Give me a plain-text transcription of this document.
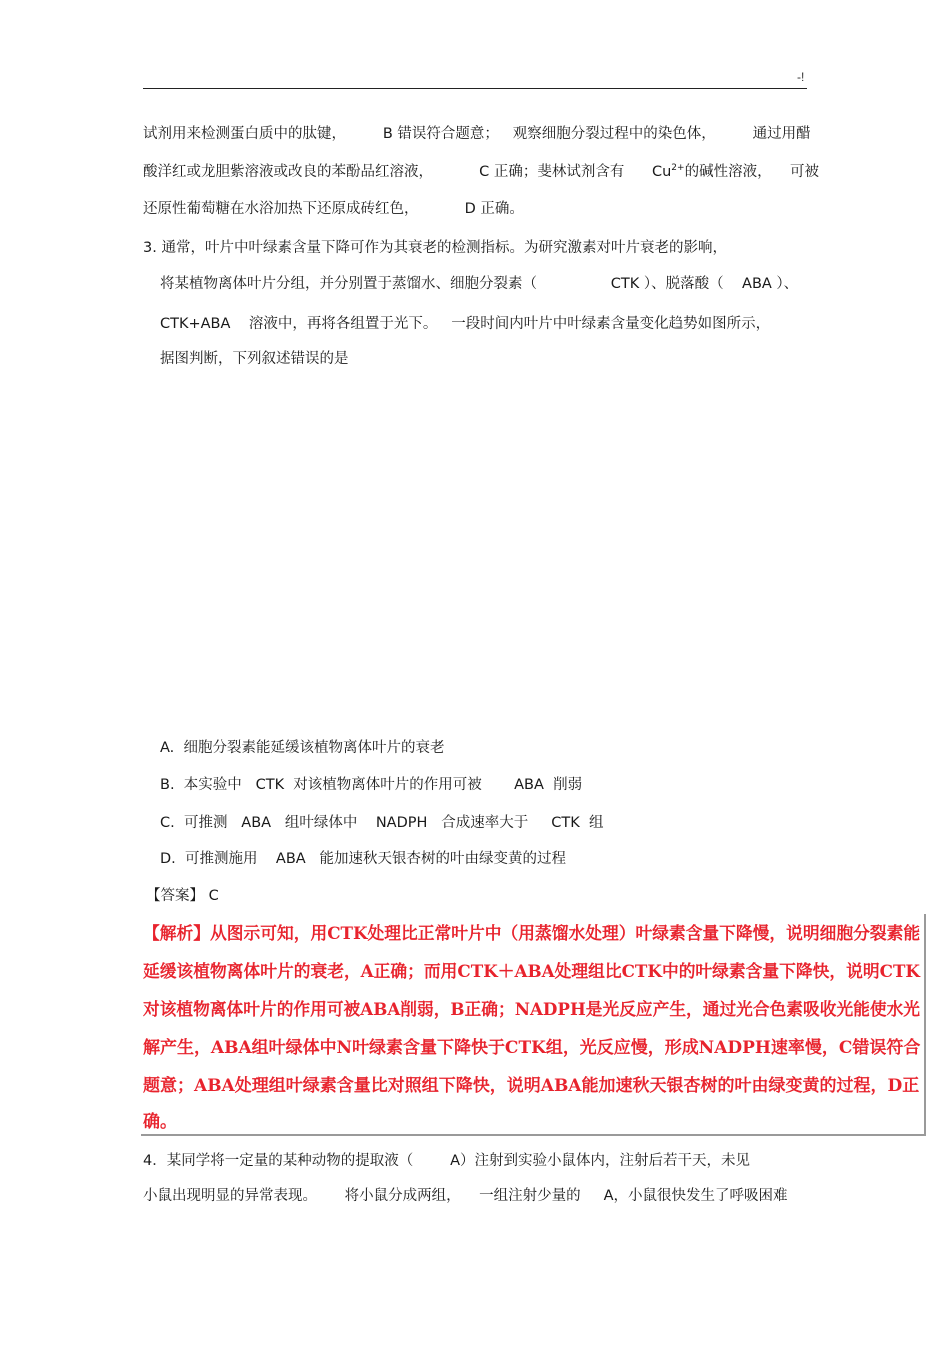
-!
试剂用来检测蛋白质中的肽键，        B 错误符合题意；   观察细胞分裂过程中的染色体，        通过用醋
酸洋红或龙胆紫溶液或改良的苯酚品红溶液，          C 正确；斐林试剂含有      $Cu^{2+}$的碱性溶液，    可被
还原性葡萄糖在水浴加热下还原成砖红色，          D 正确。
3. 通常，叶片中叶绿素含量下降可作为其衰老的检测指标。为研究激素对叶片衰老的影响，
将某植物离体叶片分组，并分别置于蒸馏水、细胞分裂素（                CTK ）、脱落酸（    ABA ）、
CTK+ABA    溶液中，再将各组置于光下。   一段时间内叶片中叶绿素含量变化趋势如图所示，
据图判断，下列叙述错误的是
A.  细胞分裂素能延缓该植物离体叶片的衰老
B.  本实验中   CTK  对该植物离体叶片的作用可被       ABA  削弱
C.  可推测   ABA   组叶绿体中    NADPH   合成速率大于     CTK  组
D.  可推测施用    ABA   能加速秋天银杏树的叶由绿变黄的过程
【答案】 C
【解析】从图示可知，用CTK处理比正常叶片中（用蒸馏水处理）叶绿素含量下降慢，说明细胞分裂素能
延缓该植物离体叶片的衰老，A正确；而用CTK＋ABA处理组比CTK中的叶绿素含量下降快，说明CTK
对该植物离体叶片的作用可被ABA削弱，B正确；NADPH是光反应产生，通过光合色素吸收光能使水光
解产生，ABA组叶绿体中N叶绿素含量下降快于CTK组，光反应慢，形成NADPH速率慢，C错误符合
题意；ABA处理组叶绿素含量比对照组下降快，说明ABA能加速秋天银杏树的叶由绿变黄的过程，D正
确。
4．某同学将一定量的某种动物的提取液（        A）注射到实验小鼠体内，注射后若干天，未见
小鼠出现明显的异常表现。      将小鼠分成两组，    一组注射少量的     A，小鼠很快发生了呼吸困难
